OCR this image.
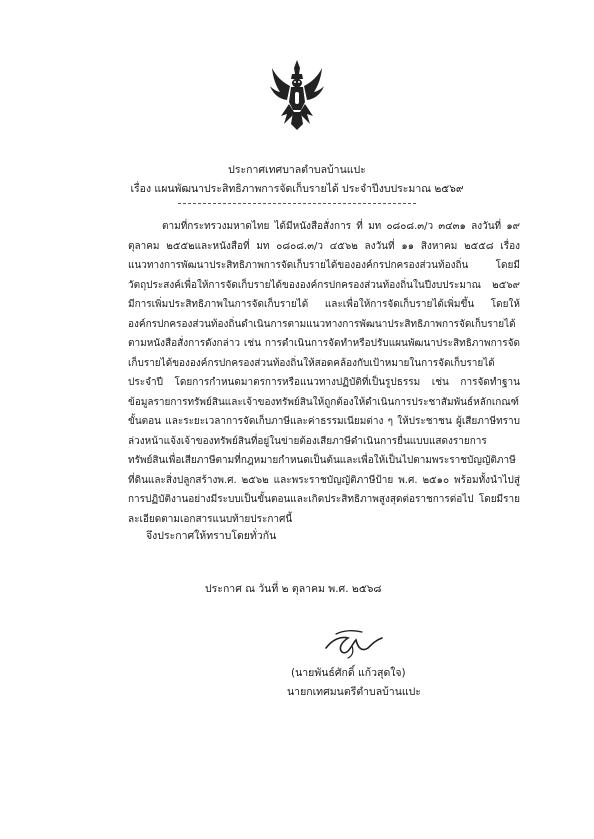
ประกาศเทศบาลตำบลบ้านแปะ
เรื่อง แผนพัฒนาประสิทธิภาพการจัดเก็บรายได้ ประจำปีงบประมาณ ๒๕๖๙

ตามที่กระทรวงมหาดไทย ได้มีหนังสือสั่งการ ที่ มท ๐๘๐๘.๓/ว ๓๔๓๑ ลงวันที่ ๑๙ ตุลาคม ๒๕๕๒และหนังสือที่ มท ๐๘๐๘.๓/ว ๔๕๖๒ ลงวันที่ ๑๑ สิงหาคม ๒๕๕๘ เรื่อง แนวทางการพัฒนาประสิทธิภาพการจัดเก็บรายได้ขององค์กรปกครองส่วนท้องถิ่น โดยมีวัตถุประสงค์เพื่อให้การจัดเก็บรายได้ขององค์กรปกครองส่วนท้องถิ่นในปีงบประมาณ ๒๕๖๙ มีการเพิ่มประสิทธิภาพในการจัดเก็บรายได้ และเพื่อให้การจัดเก็บรายได้เพิ่มขึ้น โดยให้องค์กรปกครองส่วนท้องถิ่นดำเนินการตามแนวทางการพัฒนาประสิทธิภาพการจัดเก็บรายได้ตามหนังสือสั่งการดังกล่าว เช่น การดำเนินการจัดทำหรือปรับแผนพัฒนาประสิทธิภาพการจัดเก็บรายได้ขององค์กรปกครองส่วนท้องถิ่นให้สอดคล้องกับเป้าหมายในการจัดเก็บรายได้ประจำปี โดยการกำหนดมาตรการหรือแนวทางปฏิบัติที่เป็นรูปธรรม เช่น การจัดทำฐานข้อมูลรายการทรัพย์สินและเจ้าของทรัพย์สินให้ถูกต้องให้ดำเนินการประชาสัมพันธ์หลักเกณฑ์ ขั้นตอน และระยะเวลาการจัดเก็บภาษีและค่าธรรมเนียมต่าง ๆ ให้ประชาชน ผู้เสียภาษีทราบล่วงหน้าแจ้งเจ้าของทรัพย์สินที่อยู่ในข่ายต้องเสียภาษีดำเนินการยื่นแบบแสดงรายการทรัพย์สินเพื่อเสียภาษีตามที่กฎหมายกำหนดเป็นต้นและเพื่อให้เป็นไปตามพระราชบัญญัติภาษีที่ดินและสิ่งปลูกสร้างพ.ศ. ๒๕๖๒ และพระราชบัญญัติภาษีป้าย พ.ศ. ๒๕๑๐ พร้อมทั้งนำไปสู่การปฏิบัติงานอย่างมีระบบเป็นขั้นตอนและเกิดประสิทธิภาพสูงสุดต่อราชการต่อไป โดยมีรายละเอียดตามเอกสารแนบท้ายประกาศนี้

จึงประกาศให้ทราบโดยทั่วกัน
ประกาศ ณ วันที่ ๒ ตุลาคม พ.ศ. ๒๕๖๘
(นายพันธ์ศักดิ์ แก้วสุดใจ)
นายกเทศมนตรีตำบลบ้านแปะ
